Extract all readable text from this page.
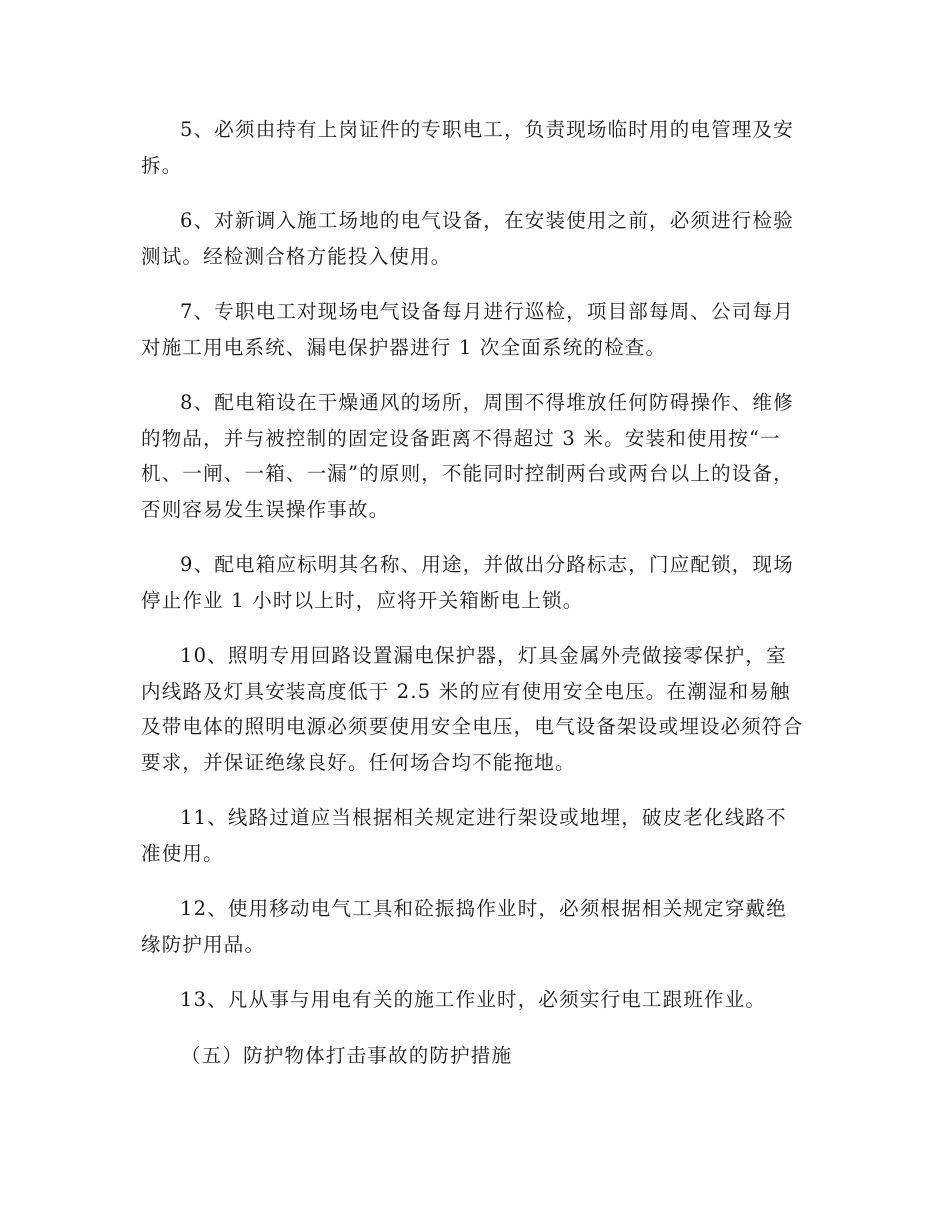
5、必须由持有上岗证件的专职电工，负责现场临时用的电管理及安拆。

6、对新调入施工场地的电气设备，在安装使用之前，必须进行检验测试。经检测合格方能投入使用。

7、专职电工对现场电气设备每月进行巡检，项目部每周、公司每月对施工用电系统、漏电保护器进行 1 次全面系统的检查。

8、配电箱设在干燥通风的场所，周围不得堆放任何防碍操作、维修的物品，并与被控制的固定设备距离不得超过 3 米。安装和使用按“一机、一闸、一箱、一漏”的原则，不能同时控制两台或两台以上的设备，否则容易发生误操作事故。

9、配电箱应标明其名称、用途，并做出分路标志，门应配锁，现场停止作业 1 小时以上时，应将开关箱断电上锁。

10、照明专用回路设置漏电保护器，灯具金属外壳做接零保护，室内线路及灯具安装高度低于 2.5 米的应有使用安全电压。在潮湿和易触及带电体的照明电源必须要使用安全电压，电气设备架设或埋设必须符合要求，并保证绝缘良好。任何场合均不能拖地。

11、线路过道应当根据相关规定进行架设或地埋，破皮老化线路不准使用。

12、使用移动电气工具和砼振捣作业时，必须根据相关规定穿戴绝缘防护用品。

13、凡从事与用电有关的施工作业时，必须实行电工跟班作业。

（五）防护物体打击事故的防护措施
